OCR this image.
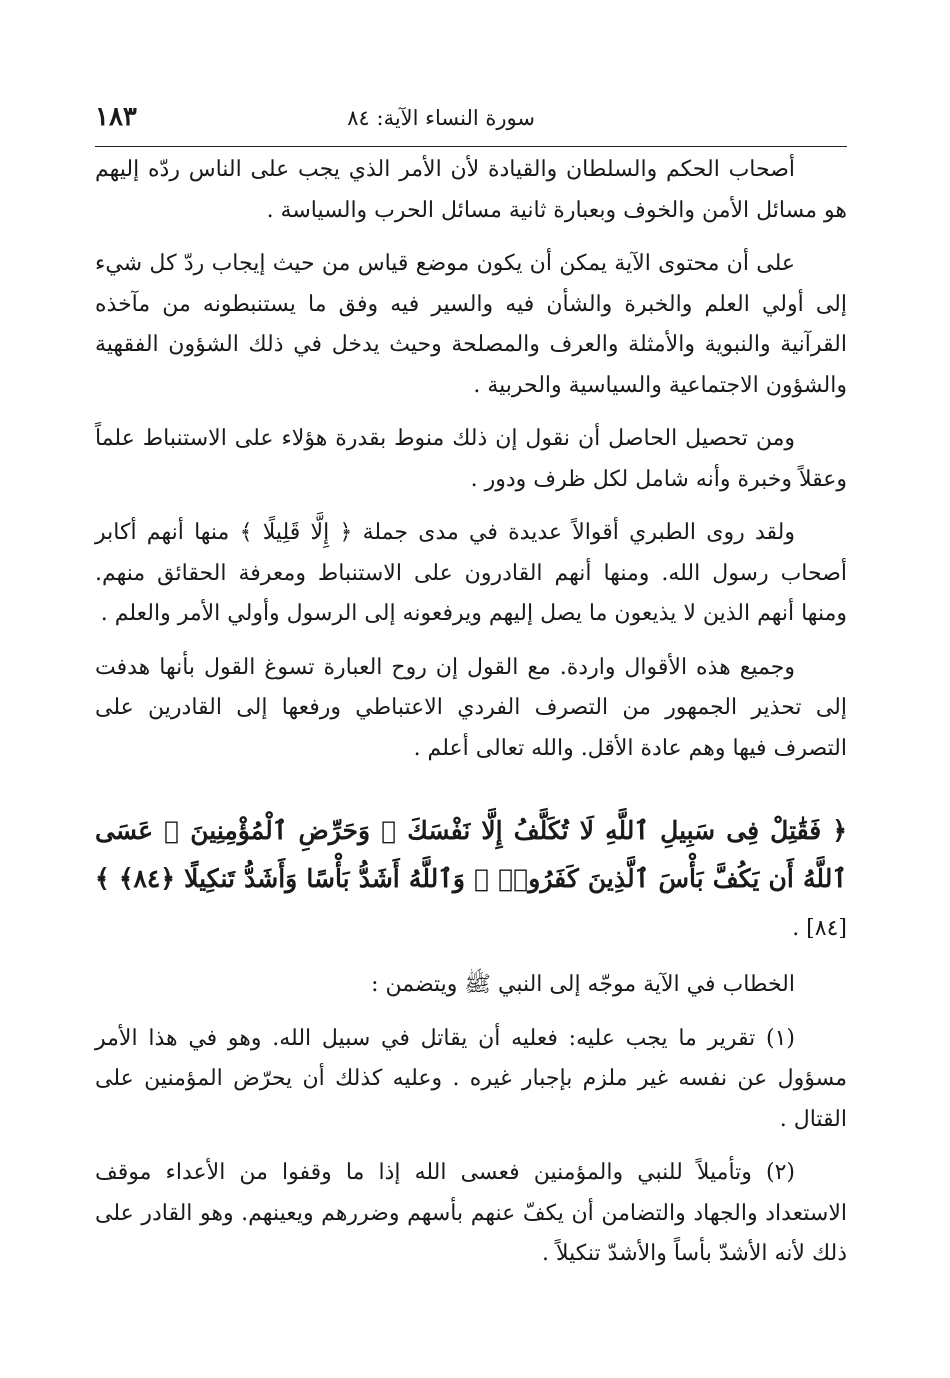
سورة النساء الآية: ٨٤
١٨٣

أصحاب الحكم والسلطان والقيادة لأن الأمر الذي يجب على الناس ردّه إليهم هو مسائل الأمن والخوف وبعبارة ثانية مسائل الحرب والسياسة .

على أن محتوى الآية يمكن أن يكون موضع قياس من حيث إيجاب ردّ كل شيء إلى أولي العلم والخبرة والشأن فيه والسير فيه وفق ما يستنبطونه من مآخذه القرآنية والنبوية والأمثلة والعرف والمصلحة وحيث يدخل في ذلك الشؤون الفقهية والشؤون الاجتماعية والسياسية والحربية .

ومن تحصيل الحاصل أن نقول إن ذلك منوط بقدرة هؤلاء على الاستنباط علماً وعقلاً وخبرة وأنه شامل لكل ظرف ودور .

ولقد روى الطبري أقوالاً عديدة في مدى جملة ﴿ إِلَّا قَلِيلًا ﴾ منها أنهم أكابر أصحاب رسول الله. ومنها أنهم القادرون على الاستنباط ومعرفة الحقائق منهم. ومنها أنهم الذين لا يذيعون ما يصل إليهم ويرفعونه إلى الرسول وأولي الأمر والعلم .

وجميع هذه الأقوال واردة. مع القول إن روح العبارة تسوغ القول بأنها هدفت إلى تحذير الجمهور من التصرف الفردي الاعتباطي ورفعها إلى القادرين على التصرف فيها وهم عادة الأقل. والله تعالى أعلم .

﴿ فَقَٰتِلْ فِى سَبِيلِ ٱللَّهِ لَا تُكَلَّفُ إِلَّا نَفْسَكَ ۚ وَحَرِّضِ ٱلْمُؤْمِنِينَ ۖ عَسَى ٱللَّهُ أَن يَكُفَّ بَأْسَ ٱلَّذِينَ كَفَرُوا۟ ۚ وَٱللَّهُ أَشَدُّ بَأْسًا وَأَشَدُّ تَنكِيلًا ﴿٨٤﴾ ﴾ [٨٤] .

الخطاب في الآية موجّه إلى النبي ﷺ ويتضمن :

(١) تقرير ما يجب عليه: فعليه أن يقاتل في سبيل الله. وهو في هذا الأمر مسؤول عن نفسه غير ملزم بإجبار غيره . وعليه كذلك أن يحرّض المؤمنين على القتال .

(٢) وتأميلاً للنبي والمؤمنين فعسى الله إذا ما وقفوا من الأعداء موقف الاستعداد والجهاد والتضامن أن يكفّ عنهم بأسهم وضررهم ويعينهم. وهو القادر على ذلك لأنه الأشدّ بأساً والأشدّ تنكيلاً .
